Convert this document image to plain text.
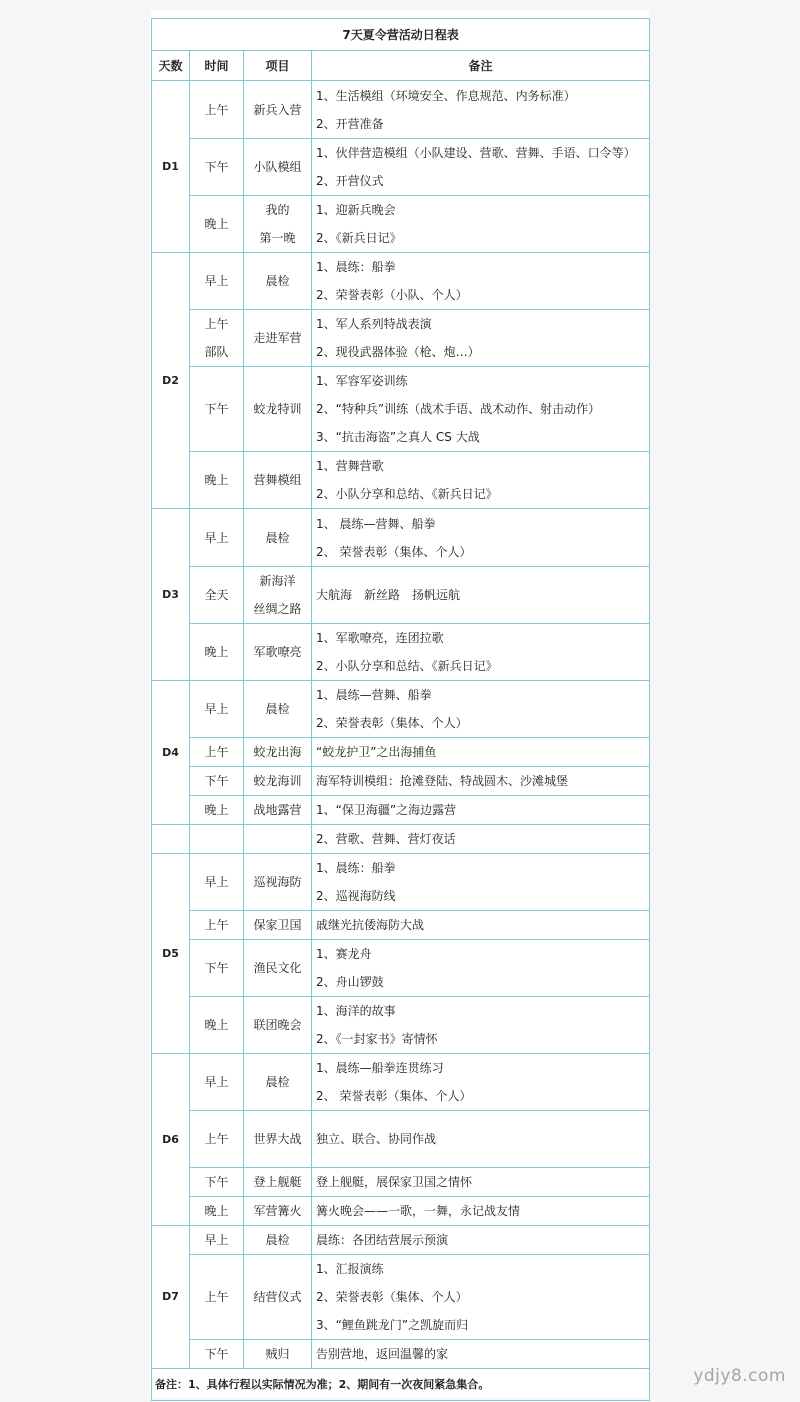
7天夏令营活动日程表			
天数	时间	项目	备注
D1	上午	新兵入营	1、生活模组（环境安全、作息规范、内务标准）
2、开营准备

	下午	小队模组	1、伙伴营造模组（小队建设、营歌、营舞、手语、口令等）
2、开营仪式

	晚上	我的
第一晚	1、迎新兵晚会
2、《新兵日记》

D2	早上	晨检	1、晨练：船拳
2、荣誉表彰（小队、个人）

	上午
部队	走进军营	1、军人系列特战表演
2、现役武器体验（枪、炮…）

	下午	蛟龙特训	1、军容军姿训练
2、“特种兵”训练（战术手语、战术动作、射击动作）
3、“抗击海盗”之真人 CS 大战

	晚上	营舞模组	1、营舞营歌
2、小队分享和总结、《新兵日记》

D3	早上	晨检	1、 晨练—营舞、船拳
2、 荣誉表彰（集体、个人）

	全天	新海洋
丝绸之路	大航海　新丝路　扬帆远航

	晚上	军歌嘹亮	1、军歌嘹亮，连团拉歌
2、小队分享和总结、《新兵日记》

D4	早上	晨检	1、晨练—营舞、船拳
2、荣誉表彰（集体、个人）

	上午	蛟龙出海	“蛟龙护卫”之出海捕鱼

	下午	蛟龙海训	海军特训模组：抢滩登陆、特战圆木、沙滩城堡

	晚上	战地露营	1、“保卫海疆”之海边露营

			2、营歌、营舞、营灯夜话

D5	早上	巡视海防	1、晨练：船拳
2、巡视海防线

	上午	保家卫国	戚继光抗倭海防大战

	下午	渔民文化	1、赛龙舟
2、舟山锣鼓

	晚上	联团晚会	1、海洋的故事
2、《一封家书》寄情怀

D6	早上	晨检	1、晨练—船拳连贯练习
2、 荣誉表彰（集体、个人）

	上午	世界大战	独立、联合、协同作战

	下午	登上舰艇	登上舰艇，展保家卫国之情怀

	晚上	军营篝火	篝火晚会——一歌，一舞，永记战友情

D7	早上	晨检	晨练：各团结营展示预演

	上午	结营仪式	1、汇报演练
2、荣誉表彰（集体、个人）
3、“鲤鱼跳龙门”之凯旋而归

	下午	贼归	告别营地，返回温馨的家

备注：1、具体行程以实际情况为准；2、期间有一次夜间紧急集合。				ydjy8.com
